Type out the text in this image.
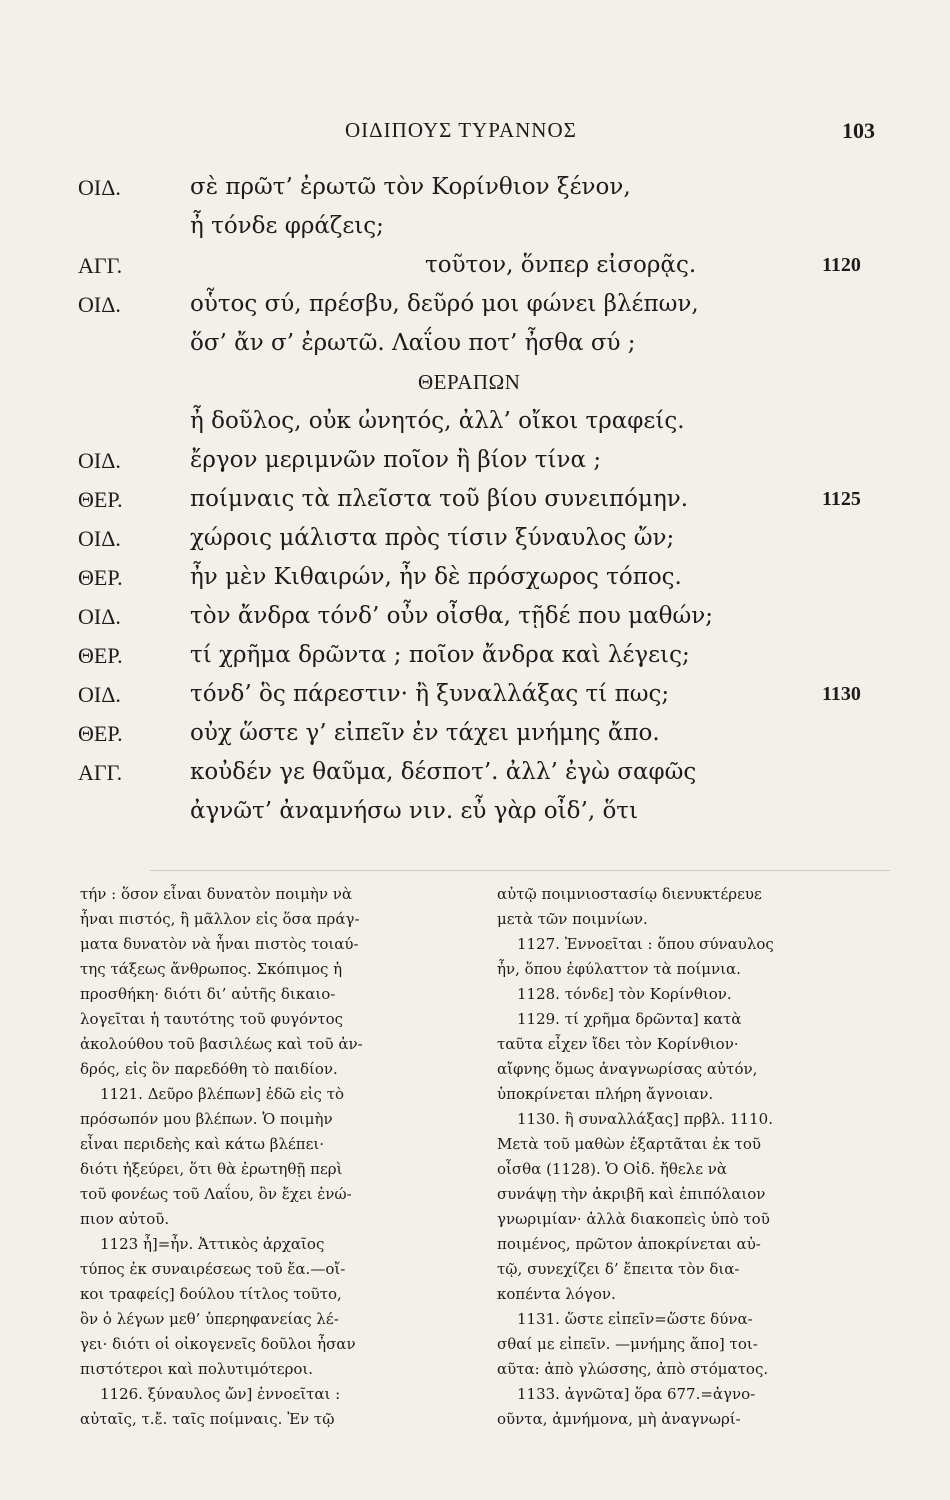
ΟΙΔΙΠΟΥΣ ΤΥΡΑΝΝΟΣ	103
ΟΙΔ.	σὲ πρῶτ’ ἐρωτῶ τὸν Κορίνθιον ξένον,
ἦ τόνδε φράζεις;
ΑΓΓ.	τοῦτον, ὅνπερ εἰσορᾷς.	1120
ΟΙΔ.	οὗτος σύ, πρέσβυ, δεῦρό μοι φώνει βλέπων,
ὅσ’ ἄν σ’ ἐρωτῶ. Λαΐου ποτ’ ἦσθα σύ ;
ΘΕΡΑΠΩΝ
ἦ δοῦλος, οὐκ ὠνητός, ἀλλ’ οἴκοι τραφείς.
ΟΙΔ.	ἔργον μεριμνῶν ποῖον ἢ βίον τίνα ;
ΘΕΡ.	ποίμναις τὰ πλεῖστα τοῦ βίου συνειπόμην.	1125
ΟΙΔ.	χώροις μάλιστα πρὸς τίσιν ξύναυλος ὤν;
ΘΕΡ.	ἦν μὲν Κιθαιρών, ἦν δὲ πρόσχωρος τόπος.
ΟΙΔ.	τὸν ἄνδρα τόνδ’ οὖν οἶσθα, τῇδέ που μαθών;
ΘΕΡ.	τί χρῆμα δρῶντα ; ποῖον ἄνδρα καὶ λέγεις;
ΟΙΔ.	τόνδ’ ὃς πάρεστιν· ἢ ξυναλλάξας τί πως;	1130
ΘΕΡ.	οὐχ ὥστε γ’ εἰπεῖν ἐν τάχει μνήμης ἄπο.
ΑΓΓ.	κοὐδέν γε θαῦμα, δέσποτ’. ἀλλ’ ἐγὼ σαφῶς
ἀγνῶτ’ ἀναμνήσω νιν. εὖ γὰρ οἶδ’, ὅτι
τήν : ὅσον εἶναι δυνατὸν ποιμὴν νὰ
ἦναι πιστός, ἢ μᾶλλον εἰς ὅσα πράγ-
ματα δυνατὸν νὰ ἦναι πιστὸς τοιαύ-
της τάξεως ἄνθρωπος. Σκόπιμος ἡ
προσθήκη· διότι δι’ αὐτῆς δικαιο-
λογεῖται ἡ ταυτότης τοῦ φυγόντος
ἀκολούθου τοῦ βασιλέως καὶ τοῦ ἀν-
δρός, εἰς ὃν παρεδόθη τὸ παιδίον.
1121. Δεῦρο βλέπων] ἐδῶ εἰς τὸ
πρόσωπόν μου βλέπων. Ὁ ποιμὴν
εἶναι περιδεὴς καὶ κάτω βλέπει·
διότι ἠξεύρει, ὅτι θὰ ἐρωτηθῇ περὶ
τοῦ φονέως τοῦ Λαΐου, ὃν ἔχει ἐνώ-
πιον αὐτοῦ.
1123 ἦ]=ἦν. Ἀττικὸς ἀρχαῖος
τύπος ἐκ συναιρέσεως τοῦ ἔα.—οἴ-
κοι τραφείς] δούλου τίτλος τοῦτο,
ὃν ὁ λέγων μεθ’ ὑπερηφανείας λέ-
γει· διότι οἱ οἰκογενεῖς δοῦλοι ἦσαν
πιστότεροι καὶ πολυτιμότεροι.
1126. ξύναυλος ὤν] ἐννοεῖται :
αὐταῖς, τ.ἔ. ταῖς ποίμναις. Ἐν τῷ
αὐτῷ ποιμνιοστασίῳ διενυκτέρευε
μετὰ τῶν ποιμνίων.
1127. Ἐννοεῖται : ὅπου σύναυλος
ἦν, ὅπου ἐφύλαττον τὰ ποίμνια.
1128. τόνδε] τὸν Κορίνθιον.
1129. τί χρῆμα δρῶντα] κατὰ
ταῦτα εἶχεν ἴδει τὸν Κορίνθιον·
αἴφνης ὅμως ἀναγνωρίσας αὐτόν,
ὑποκρίνεται πλήρη ἄγνοιαν.
1130. ἢ συναλλάξας] πρβλ. 1110.
Μετὰ τοῦ μαθὼν ἐξαρτᾶται ἐκ τοῦ
οἶσθα (1128). Ὁ Οἰδ. ἤθελε νὰ
συνάψῃ τὴν ἀκριβῆ καὶ ἐπιπόλαιον
γνωριμίαν· ἀλλὰ διακοπεὶς ὑπὸ τοῦ
ποιμένος, πρῶτον ἀποκρίνεται αὐ-
τῷ, συνεχίζει δ’ ἔπειτα τὸν δια-
κοπέντα λόγον.
1131. ὥστε εἰπεῖν=ὥστε δύνα-
σθαί με εἰπεῖν. —μνήμης ἄπο] τοι-
αῦτα: ἀπὸ γλώσσης, ἀπὸ στόματος.
1133. ἀγνῶτα] ὅρα 677.=ἀγνο-
οῦντα, ἀμνήμονα, μὴ ἀναγνωρί-
